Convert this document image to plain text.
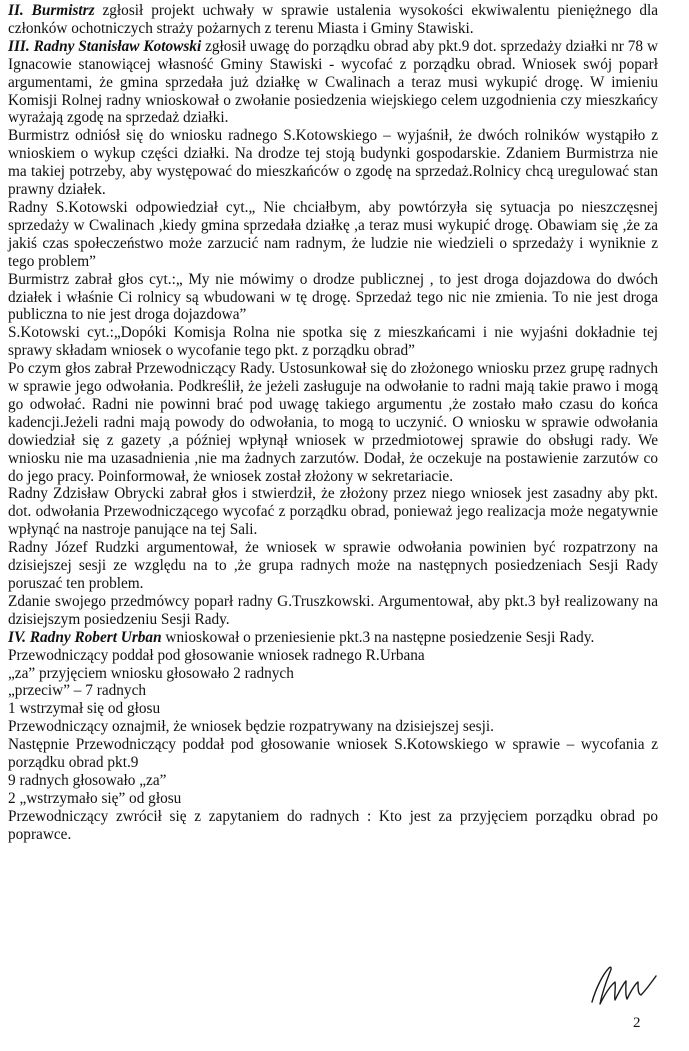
II. Burmistrz zgłosił projekt uchwały w sprawie ustalenia wysokości ekwiwalentu pieniężnego dla członków ochotniczych straży pożarnych z terenu Miasta i Gminy Stawiski.

III. Radny Stanisław Kotowski zgłosił uwagę do porządku obrad aby pkt.9 dot. sprzedaży działki nr 78 w Ignacowie stanowiącej własność Gminy Stawiski - wycofać z porządku obrad. Wniosek swój poparł argumentami, że gmina sprzedała już działkę w Cwalinach a teraz musi wykupić drogę. W imieniu Komisji Rolnej radny wnioskował o zwołanie posiedzenia wiejskiego celem uzgodnienia czy mieszkańcy wyrażają zgodę na sprzedaż działki.

Burmistrz odniósł się do wniosku radnego S.Kotowskiego – wyjaśnił, że dwóch rolników wystąpiło z wnioskiem o wykup części działki. Na drodze tej stoją budynki gospodarskie. Zdaniem Burmistrza nie ma takiej potrzeby, aby występować do mieszkańców o zgodę na sprzedaż.Rolnicy chcą uregulować stan prawny działek.

Radny S.Kotowski odpowiedział cyt.„ Nie chciałbym, aby powtórzyła się sytuacja po nieszczęsnej sprzedaży w Cwalinach ,kiedy gmina sprzedała działkę ,a teraz musi wykupić drogę. Obawiam się ,że za jakiś czas społeczeństwo może zarzucić nam radnym, że ludzie nie wiedzieli o sprzedaży i wyniknie z tego problem”

Burmistrz zabrał głos cyt.:„ My nie mówimy o drodze publicznej , to jest droga dojazdowa do dwóch działek i właśnie Ci rolnicy są wbudowani w tę drogę. Sprzedaż tego nic nie zmienia. To nie jest droga publiczna to nie jest droga dojazdowa”

S.Kotowski cyt.:„Dopóki Komisja Rolna nie spotka się z mieszkańcami i nie wyjaśni dokładnie tej sprawy składam wniosek o wycofanie tego pkt. z porządku obrad”

Po czym głos zabrał Przewodniczący Rady. Ustosunkował się do złożonego wniosku przez grupę radnych w sprawie jego odwołania. Podkreślił, że jeżeli zasługuje na odwołanie to radni mają takie prawo i mogą go odwołać. Radni nie powinni brać pod uwagę takiego argumentu ,że zostało mało czasu do końca kadencji.Jeżeli radni mają powody do odwołania, to mogą to uczynić. O wniosku w sprawie odwołania dowiedział się z gazety ,a później wpłynął wniosek w przedmiotowej sprawie do obsługi rady. We wniosku nie ma uzasadnienia ,nie ma żadnych zarzutów. Dodał, że oczekuje na postawienie zarzutów co do jego pracy. Poinformował, że wniosek został złożony w sekretariacie.

Radny Zdzisław Obrycki zabrał głos i stwierdził, że złożony przez niego wniosek jest zasadny aby pkt. dot. odwołania Przewodniczącego wycofać z porządku obrad, ponieważ jego realizacja może negatywnie wpłynąć na nastroje panujące na tej Sali.

Radny Józef Rudzki argumentował, że wniosek w sprawie odwołania powinien być rozpatrzony na dzisiejszej sesji ze względu na to ,że grupa radnych może na następnych posiedzeniach Sesji Rady poruszać ten problem.

Zdanie swojego przedmówcy poparł radny G.Truszkowski. Argumentował, aby pkt.3 był realizowany na dzisiejszym posiedzeniu Sesji Rady.

IV. Radny Robert Urban wnioskował o przeniesienie pkt.3 na następne posiedzenie Sesji Rady.

Przewodniczący poddał pod głosowanie wniosek radnego R.Urbana

„za” przyjęciem wniosku głosowało 2 radnych

„przeciw” – 7 radnych

1 wstrzymał się od głosu

Przewodniczący oznajmił, że wniosek będzie rozpatrywany na dzisiejszej sesji.

Następnie Przewodniczący poddał pod głosowanie wniosek S.Kotowskiego w sprawie – wycofania z porządku obrad pkt.9

9 radnych głosowało „za”

2 „wstrzymało się” od głosu

Przewodniczący zwrócił się z zapytaniem do radnych : Kto jest za przyjęciem porządku obrad po poprawce.

2
